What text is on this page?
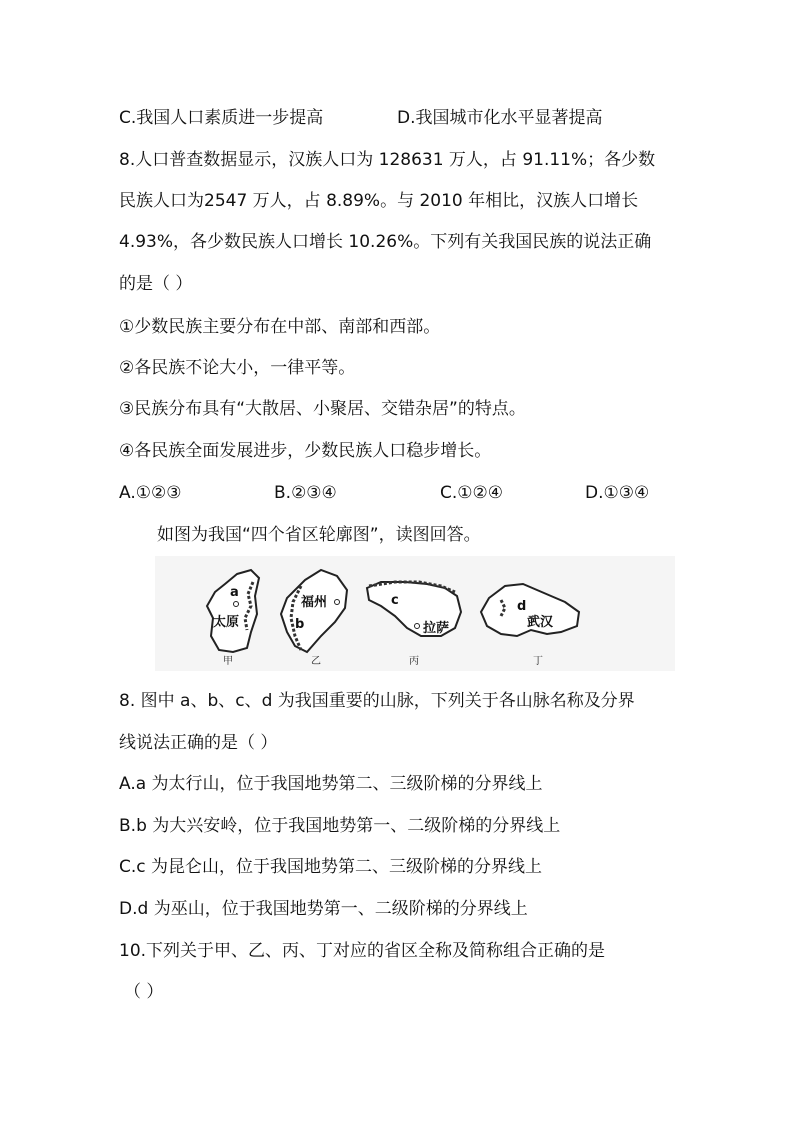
C.我国人口素质进一步提高	D.我国城市化水平显著提高
8.人口普查数据显示，汉族人口为 128631 万人，占 91.11%；各少数
民族人口为2547 万人，占 8.89%。与 2010 年相比，汉族人口增长
4.93%，各少数民族人口增长 10.26%。下列有关我国民族的说法正确
的是（ ）
①少数民族主要分布在中部、南部和西部。
②各民族不论大小，一律平等。
③民族分布具有“大散居、小聚居、交错杂居”的特点。
④各民族全面发展进步，少数民族人口稳步增长。
A.①②③	B.②③④	C.①②④	D.①③④
如图为我国“四个省区轮廓图”，读图回答。
a
太原
甲
福州
b
乙
c
拉萨
丙
d
武汉
丁
8. 图中 a、b、c、d 为我国重要的山脉，下列关于各山脉名称及分界
线说法正确的是（ ）
A.a 为太行山，位于我国地势第二、三级阶梯的分界线上
B.b 为大兴安岭，位于我国地势第一、二级阶梯的分界线上
C.c 为昆仑山，位于我国地势第二、三级阶梯的分界线上
D.d 为巫山，位于我国地势第一、二级阶梯的分界线上
10.下列关于甲、乙、丙、丁对应的省区全称及简称组合正确的是
（ ）
